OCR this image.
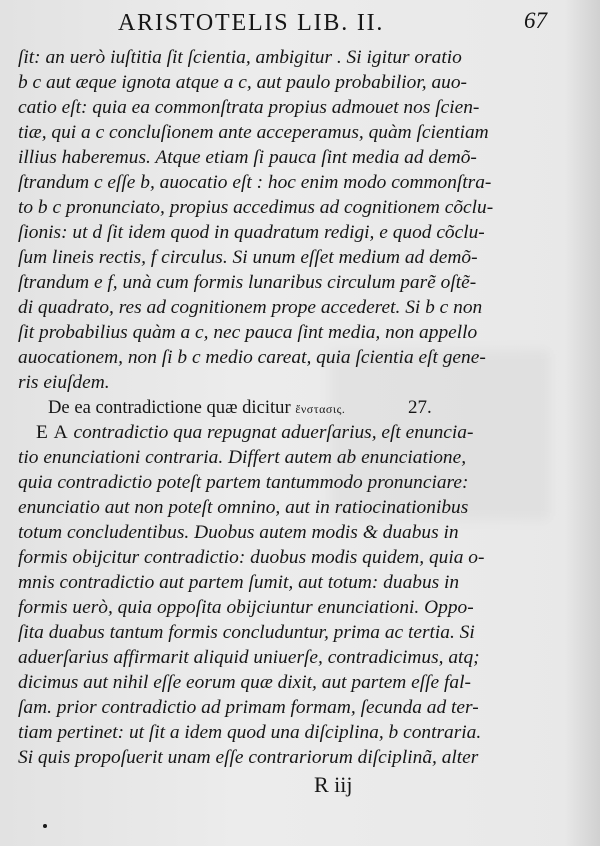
ARISTOTELIS LIB. II.	67
ſit: an uerò iuſtitia ſit ſcientia, ambigitur . Si igitur oratio
b c aut æque ignota atque a c, aut paulo probabilior, auo-
catio eſt: quia ea commonſtrata propius admouet nos ſcien-
tiæ, qui a c concluſionem ante acceperamus, quàm ſcientiam
illius haberemus. Atque etiam ſi pauca ſint media ad demõ-
ſtrandum c eſſe b, auocatio eſt : hoc enim modo commonſtra-
to b c pronunciato, propius accedimus ad cognitionem cõclu-
ſionis: ut d ſit idem quod in quadratum redigi, e quod cõclu-
ſum lineis rectis, f circulus. Si unum eſſet medium ad demõ-
ſtrandum e f, unà cum formis lunaribus circulum parẽ oſtẽ-
di quadrato, res ad cognitionem prope accederet. Si b c non
ſit probabilius quàm a c, nec pauca ſint media, non appello
auocationem, non ſi b c medio careat, quia ſcientia eſt gene-
ris eiuſdem.
De ea contradictione quæ dicitur ἔνστασις.	27.
E A contradictio qua repugnat aduerſarius, eſt enuncia-
tio enunciationi contraria. Differt autem ab enunciatione,
quia contradictio poteſt partem tantummodo pronunciare:
enunciatio aut non poteſt omnino, aut in ratiocinationibus
totum concludentibus. Duobus autem modis & duabus in
formis obijcitur contradictio: duobus modis quidem, quia o-
mnis contradictio aut partem ſumit, aut totum: duabus in
formis uerò, quia oppoſita obijciuntur enunciationi. Oppo-
ſita duabus tantum formis concluduntur, prima ac tertia. Si
aduerſarius affirmarit aliquid uniuerſe, contradicimus, atq;
dicimus aut nihil eſſe eorum quæ dixit, aut partem eſſe fal-
ſam. prior contradictio ad primam formam, ſecunda ad ter-
tiam pertinet: ut ſit a idem quod una diſciplina, b contraria.
Si quis propoſuerit unam eſſe contrariorum diſciplinã, alter
R iij
